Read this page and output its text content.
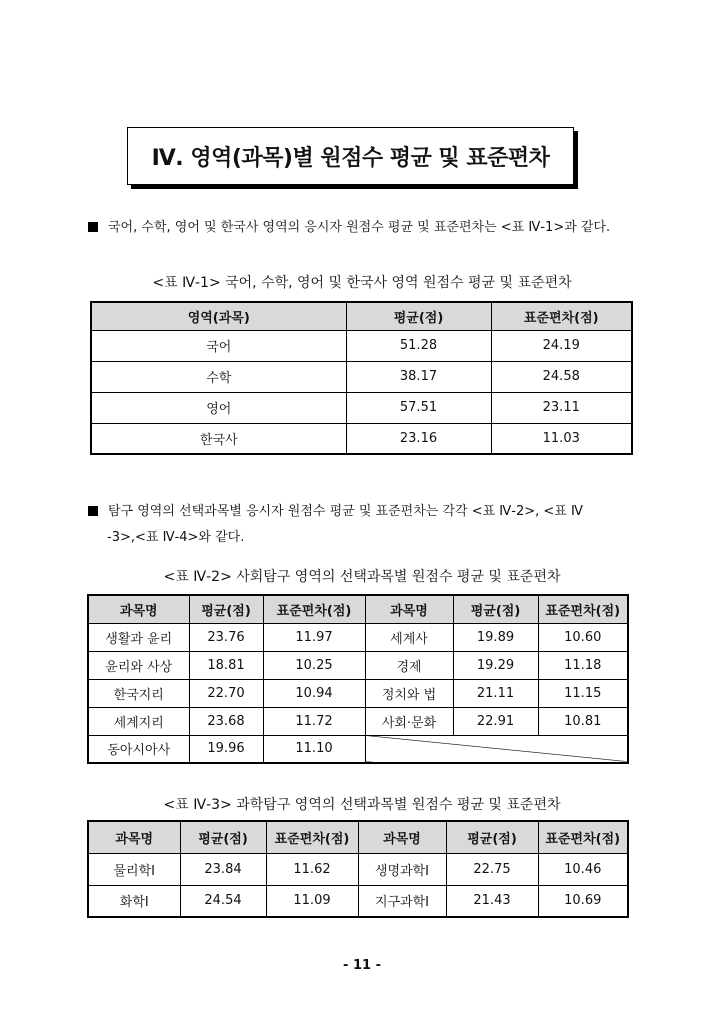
Ⅳ. 영역(과목)별 원점수 평균 및 표준편차
국어, 수학, 영어 및 한국사 영역의 응시자 원점수 평균 및 표준편차는 <표 Ⅳ-1>과 같다.
<표 Ⅳ-1> 국어, 수학, 영어 및 한국사 영역 원점수 평균 및 표준편차
영역(과목)	평균(점)	표준편차(점)
국어	51.28	24.19
수학	38.17	24.58
영어	57.51	23.11
한국사	23.16	11.03
탐구 영역의 선택과목별 응시자 원점수 평균 및 표준편차는 각각 <표 Ⅳ-2>, <표 Ⅳ
-3>,<표 Ⅳ-4>와 같다.
<표 Ⅳ-2> 사회탐구 영역의 선택과목별 원점수 평균 및 표준편차
과목명	평균(점)	표준편차(점)	과목명	평균(점)	표준편차(점)
생활과 윤리	23.76	11.97	세계사	19.89	10.60
윤리와 사상	18.81	10.25	경제	19.29	11.18
한국지리	22.70	10.94	정치와 법	21.11	11.15
세계지리	23.68	11.72	사회·문화	22.91	10.81
동아시아사	19.96	11.10			
<표 Ⅳ-3> 과학탐구 영역의 선택과목별 원점수 평균 및 표준편차
과목명	평균(점)	표준편차(점)	과목명	평균(점)	표준편차(점)
물리학Ⅰ	23.84	11.62	생명과학Ⅰ	22.75	10.46
화학Ⅰ	24.54	11.09	지구과학Ⅰ	21.43	10.69
- 11 -
